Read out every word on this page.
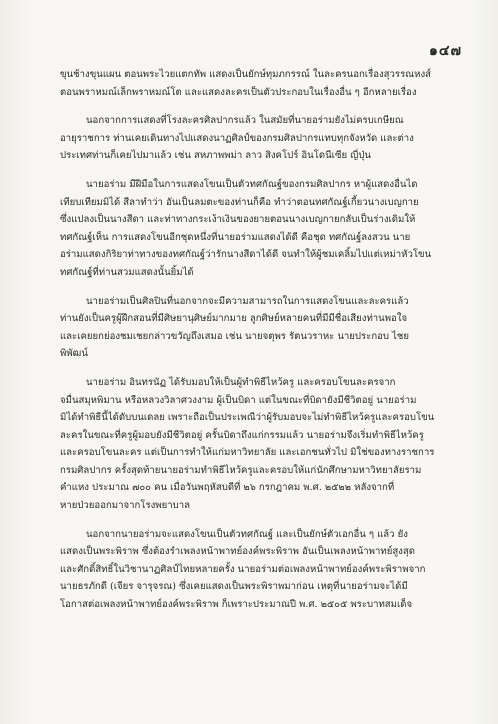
๑๔๗

ขุนช้างขุนแผน ตอนพระไวยแตกทัพ แสดงเป็นยักษ์ทุมภกรรณ์ ในละครนอกเรื่องสุวรรณหงส์
ตอนพราหมณ์เล็กพราหมณ์โต และแสดงละครเป็นตัวประกอบในเรื่องอื่น ๆ อีกหลายเรื่อง

นอกจากการแสดงที่โรงละครศิลปากรแล้ว ในสมัยที่นายอร่ามยังไม่ครบเกษียณ
อายุราชการ ท่านเคยเดินทางไปแสดงนาฏศิลป์ของกรมศิลปากรแทบทุกจังหวัด และต่าง
ประเทศท่านก็เคยไปมาแล้ว เช่น สหภาพพม่า ลาว สิงคโปร์ อินโดนีเซีย ญี่ปุ่น

นายอร่าม มีฝีมือในการแสดงโขนเป็นตัวทศกัณฐ์ของกรมศิลปากร หาผู้แสดงอื่นได
เทียบเทียมมิได้ สีลาทำว่า อันเป็นลมตะของท่านก็คือ ทำว่าตอนทศกัณฐ์เกี้ยวนางเบญกาย
ซึ่งแปลงเป็นนางสีดา และท่าทางกระเง้าเงินของยายตอนนางเบญกายกลับเป็นร่างเดิมให้
ทศกัณฐ์เห็น การแสดงโขนอีกชุดหนึ่งที่นายอร่ามแสดงได้ดี คือชุด ทศกัณฐ์ลงสวน นาย
อร่ามแสดงกิริยาท่าทางของทศกัณฐ์ว่ารักนางสีดาได้ดี จนทำให้ผู้ชมเคลิ้มไปแต่เหม่าหัวโขน
ทศกัณฐ์ที่ท่านสวมแสดงนั้นยิ้มได้

นายอร่ามเป็นศิลปินที่นอกจากจะมีความสามารถในการแสดงโขนและละครแล้ว
ท่านยังเป็นครูผู้ฝึกสอนที่มีศิษยานุศิษย์มากมาย ลูกศิษย์หลายคนที่มีมีชื่อเสียงท่านพอใจ
และเคยยกย่องชมเชยกล่าวขวัญถึงเสมอ เช่น นายจตุพร รัตนวราหะ นายประกอบ ไชย
พิพัฒน์

นายอร่าม อินทรนัฏ ได้รับมอบให้เป็นผู้ทำพิธีไหว้ครู และครอบโขนละครจาก
จมื่นสมุหพิมาน หรือหลวงวิลาศวงงาม ผู้เป็นบิดา แต่ในขณะที่บิดายังมีชีวิตอยู่ นายอร่าม
มิได้ทำพิธีนี้ได้ดับบนเดลย เพราะถือเป็นประเพณีว่าผู้รับมอบจะไม่ทำพิธีไหว้ครูและครอบโขน
ละครในขณะที่ครูผู้มอบยังมีชีวิตอยู่ ครั้นบิดาถึงแก่กรรมแล้ว นายอร่ามจึงเริ่มทำพิธีไหว้ครู
และครอบโขนละคร แต่เป็นการทำให้แก่มหาวิทยาลัย และเอกชนทั่วไป มิใช่ของทางราชการ
กรมศิลปากร ครั้งสุดท้ายนายอร่ามทำพิธีไหว้ครูและครอบให้แก่นักศึกษามหาวิทยาลัยราม
คำแหง ประมาณ ๗๐๐ คน เมื่อวันพฤหัสบดีที่ ๒๖ กรกฎาคม พ.ศ. ๒๕๒๒ หลังจากที่
หายป่วยออกมาจากโรงพยาบาล

นอกจากนายอร่ามจะแสดงโขนเป็นตัวทศกัณฐ์ และเป็นยักษ์ตัวเอกอื่น ๆ แล้ว ยัง
แสดงเป็นพระพิราพ ซึ่งต้องรำเพลงหน้าพาทย์องค์พระพิราพ อันเป็นเพลงหน้าพาทย์สูงสุด
และศักดิ์สิทธิ์ในวิชานาฏศิลป์ไทยหลายครั้ง นายอร่ามต่อเพลงหน้าพาทย์องค์พระพิราพจาก
นายธรภักดี (เจียร จารุจรณ) ซึ่งเคยแสดงเป็นพระพิราพมาก่อน เหตุที่นายอร่ามจะได้มี
โอกาสต่อเพลงหน้าพาทย์องค์พระพิราพ ก็เพราะประมาณปี พ.ศ. ๒๕๐๕ พระบาทสมเด็จ
